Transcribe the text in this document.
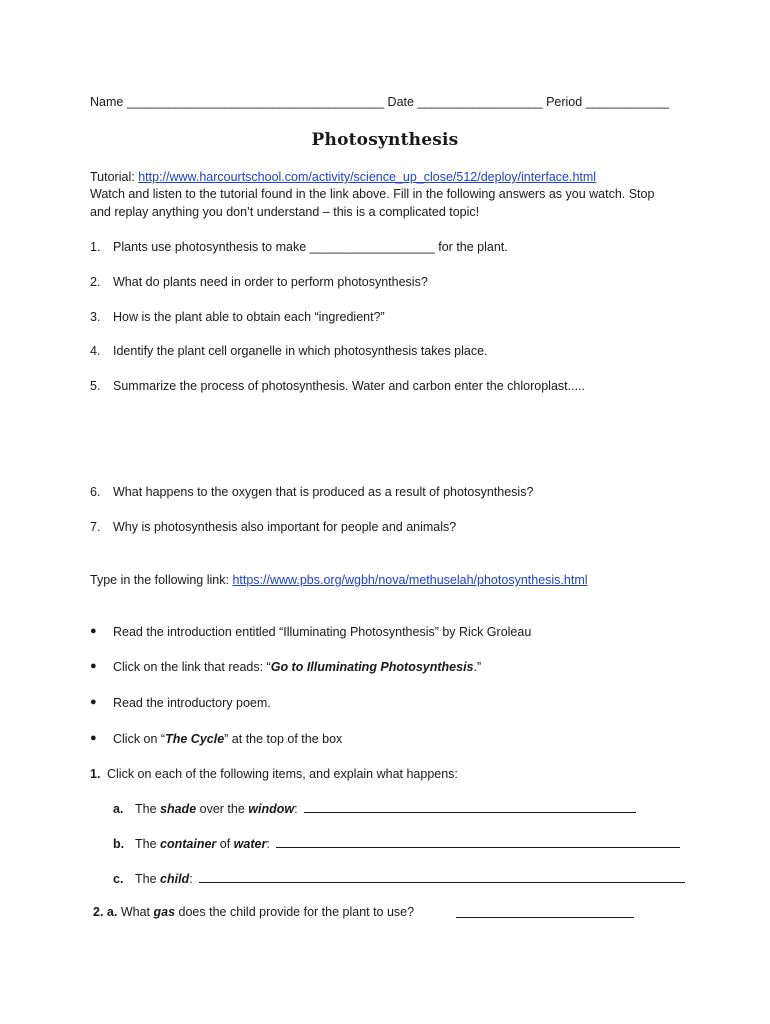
Name _____________________________________ Date __________________ Period ____________
Photosynthesis
Tutorial: http://www.harcourtschool.com/activity/science_up_close/512/deploy/interface.html
Watch and listen to the tutorial found in the link above. Fill in the following answers as you watch. Stop
and replay anything you don’t understand – this is a complicated topic!
1. Plants use photosynthesis to make __________________ for the plant.
2. What do plants need in order to perform photosynthesis?
3. How is the plant able to obtain each “ingredient?”
4. Identify the plant cell organelle in which photosynthesis takes place.
5. Summarize the process of photosynthesis. Water and carbon enter the chloroplast.....
6. What happens to the oxygen that is produced as a result of photosynthesis?
7. Why is photosynthesis also important for people and animals?
Type in the following link: https://www.pbs.org/wgbh/nova/methuselah/photosynthesis.html
● Read the introduction entitled “Illuminating Photosynthesis” by Rick Groleau
● Click on the link that reads: “Go to Illuminating Photosynthesis.”
● Read the introductory poem.
● Click on “The Cycle” at the top of the box
1. Click on each of the following items, and explain what happens:
a. The shade over the window:
b. The container of water:
c. The child:
2. a. What gas does the child provide for the plant to use?
